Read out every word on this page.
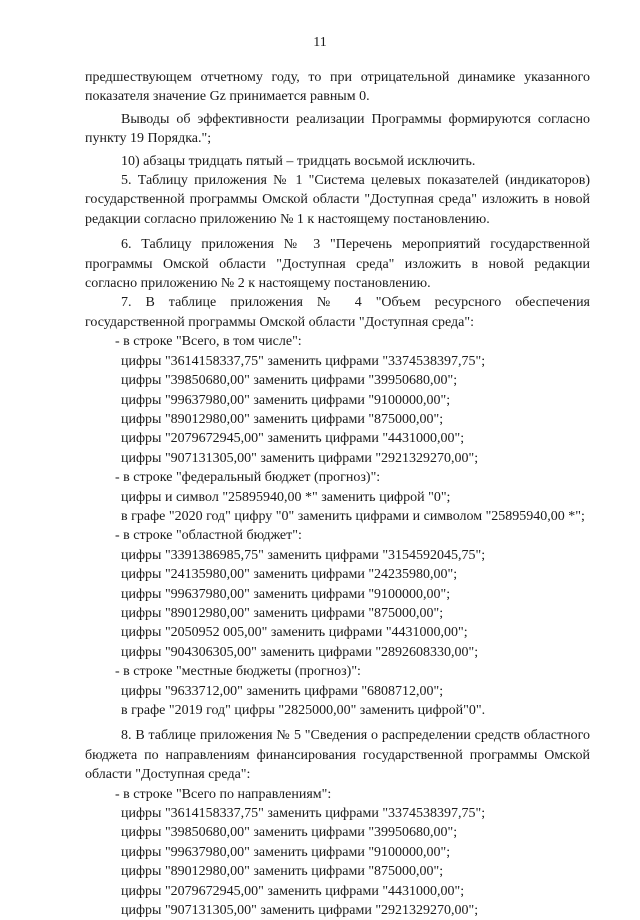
11

предшествующем отчетному году, то при отрицательной динамике указанного показателя значение Gz принимается равным 0.

Выводы об эффективности реализации Программы формируются согласно пункту 19 Порядка.";

10) абзацы тридцать пятый – тридцать восьмой исключить.

5. Таблицу приложения № 1 "Система целевых показателей (индикаторов) государственной программы Омской области "Доступная среда" изложить в новой редакции согласно приложению № 1 к настоящему постановлению.

6. Таблицу приложения № 3 "Перечень мероприятий государственной программы Омской области "Доступная среда" изложить в новой редакции согласно приложению № 2 к настоящему постановлению.

7. В таблице приложения № 4 "Объем ресурсного обеспечения государственной программы Омской области "Доступная среда":

- в строке "Всего, в том числе":

цифры "3614158337,75" заменить цифрами "3374538397,75";

цифры "39850680,00" заменить цифрами "39950680,00";

цифры "99637980,00" заменить цифрами "9100000,00";

цифры "89012980,00" заменить цифрами "875000,00";

цифры "2079672945,00" заменить цифрами "4431000,00";

цифры "907131305,00" заменить цифрами "2921329270,00";

- в строке "федеральный бюджет (прогноз)":

цифры и символ "25895940,00 *" заменить цифрой "0";

в графе "2020 год" цифру "0" заменить цифрами и символом "25895940,00 *";

- в строке "областной бюджет":

цифры "3391386985,75" заменить цифрами "3154592045,75";

цифры "24135980,00" заменить цифрами "24235980,00";

цифры "99637980,00" заменить цифрами "9100000,00";

цифры "89012980,00" заменить цифрами "875000,00";

цифры "2050952 005,00" заменить цифрами "4431000,00";

цифры "904306305,00" заменить цифрами "2892608330,00";

- в строке "местные бюджеты (прогноз)":

цифры "9633712,00" заменить цифрами "6808712,00";

в графе "2019 год" цифры "2825000,00" заменить цифрой"0".

8. В таблице приложения № 5 "Сведения о распределении средств областного бюджета по направлениям финансирования государственной программы Омской области "Доступная среда":

- в строке "Всего по направлениям":

цифры "3614158337,75" заменить цифрами "3374538397,75";

цифры "39850680,00" заменить цифрами "39950680,00";

цифры "99637980,00" заменить цифрами "9100000,00";

цифры "89012980,00" заменить цифрами "875000,00";

цифры "2079672945,00" заменить цифрами "4431000,00";

цифры "907131305,00" заменить цифрами "2921329270,00";
